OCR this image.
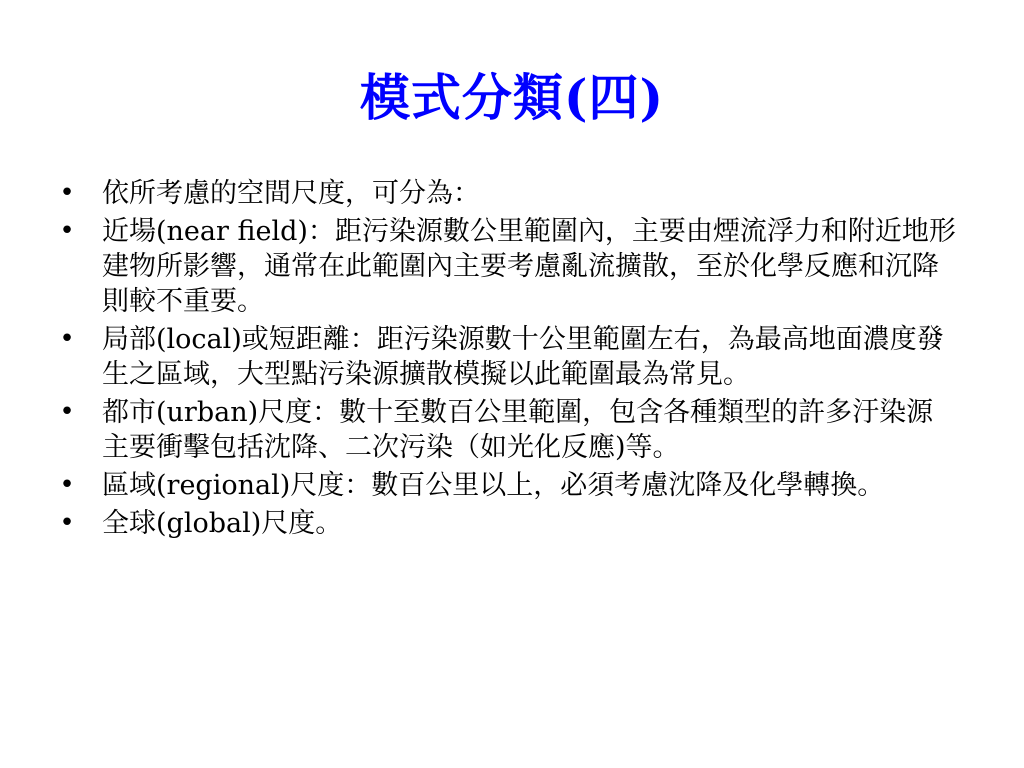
模式分類(四)
• 依所考慮的空間尺度，可分為：
• 近場(near field)：距污染源數公里範圍內，主要由煙流浮力和附近地形建物所影響，通常在此範圍內主要考慮亂流擴散，至於化學反應和沉降則較不重要。
• 局部(local)或短距離：距污染源數十公里範圍左右，為最高地面濃度發生之區域，大型點污染源擴散模擬以此範圍最為常見。
• 都市(urban)尺度：數十至數百公里範圍，包含各種類型的許多汙染源主要衝擊包括沈降、二次污染（如光化反應)等。
• 區域(regional)尺度：數百公里以上，必須考慮沈降及化學轉換。
• 全球(global)尺度。
